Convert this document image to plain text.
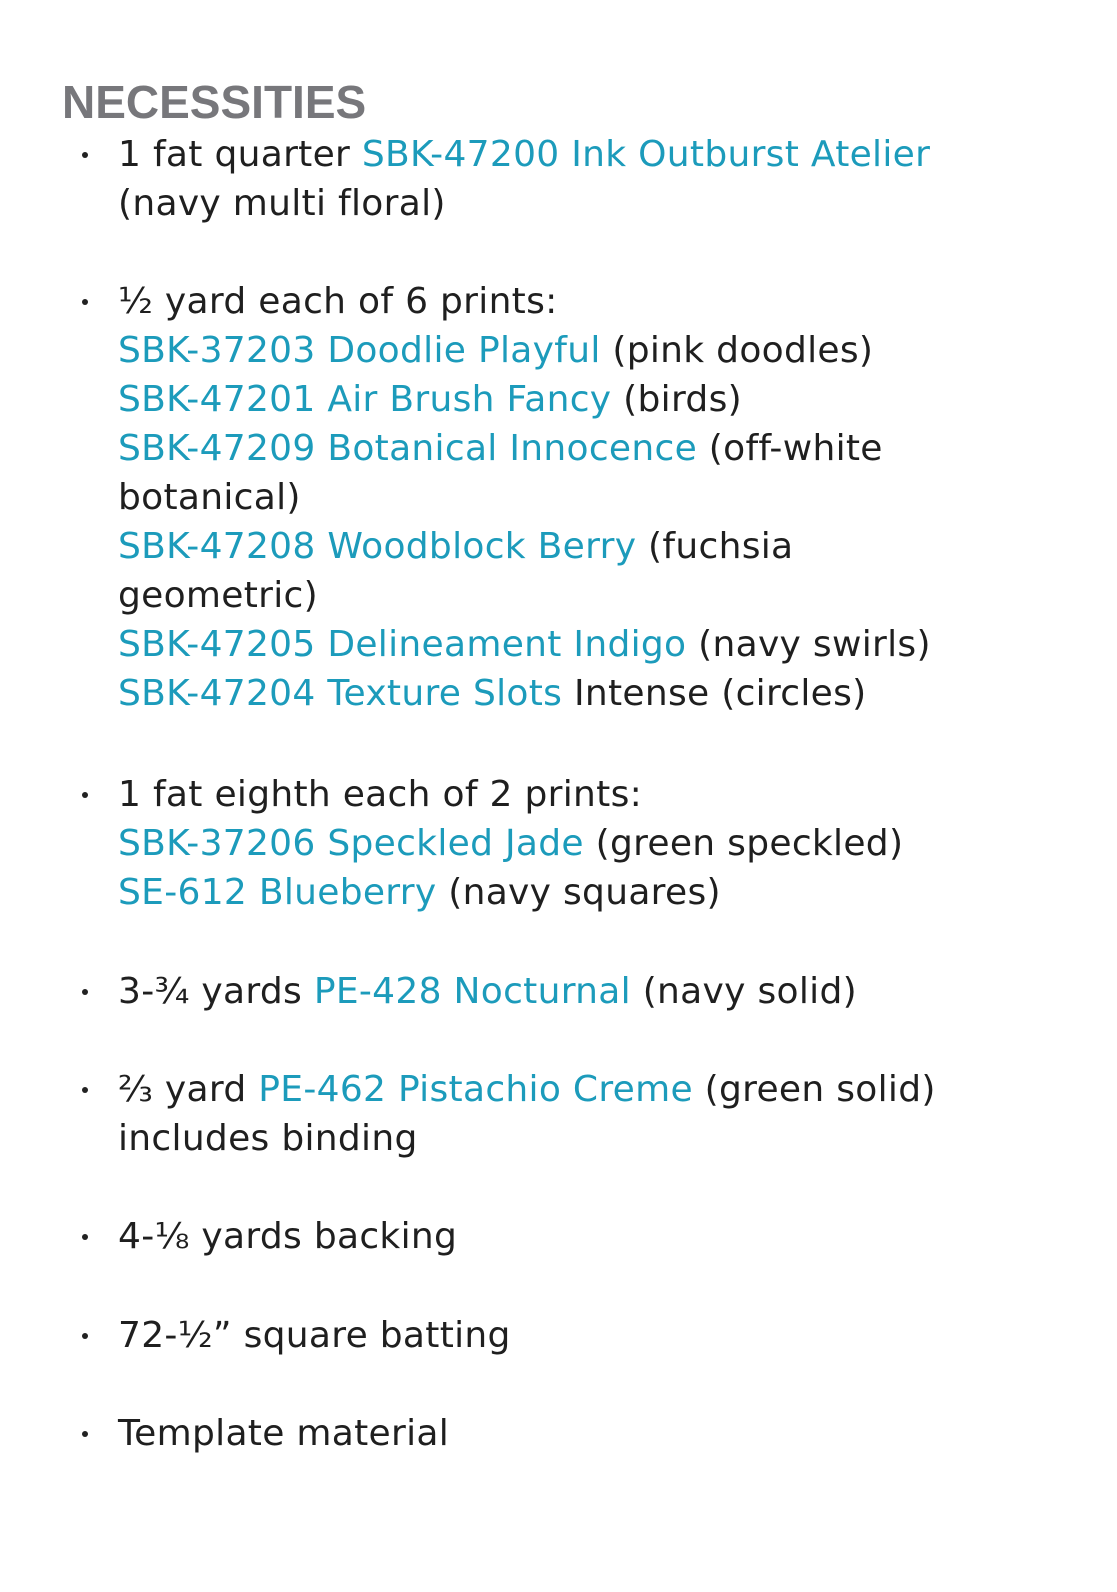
NECESSITIES
1 fat quarter SBK-47200 Ink Outburst Atelier
(navy multi floral)
½ yard each of 6 prints:
SBK-37203 Doodlie Playful (pink doodles)
SBK-47201 Air Brush Fancy (birds)
SBK-47209 Botanical Innocence (off-white
botanical)
SBK-47208 Woodblock Berry (fuchsia
geometric)
SBK-47205 Delineament Indigo (navy swirls)
SBK-47204 Texture Slots Intense (circles)
1 fat eighth each of 2 prints:
SBK-37206 Speckled Jade (green speckled)
SE-612 Blueberry (navy squares)
3-¾ yards PE-428 Nocturnal (navy solid)
⅔ yard PE-462 Pistachio Creme (green solid)
includes binding
4-⅛ yards backing
72-½” square batting
Template material
